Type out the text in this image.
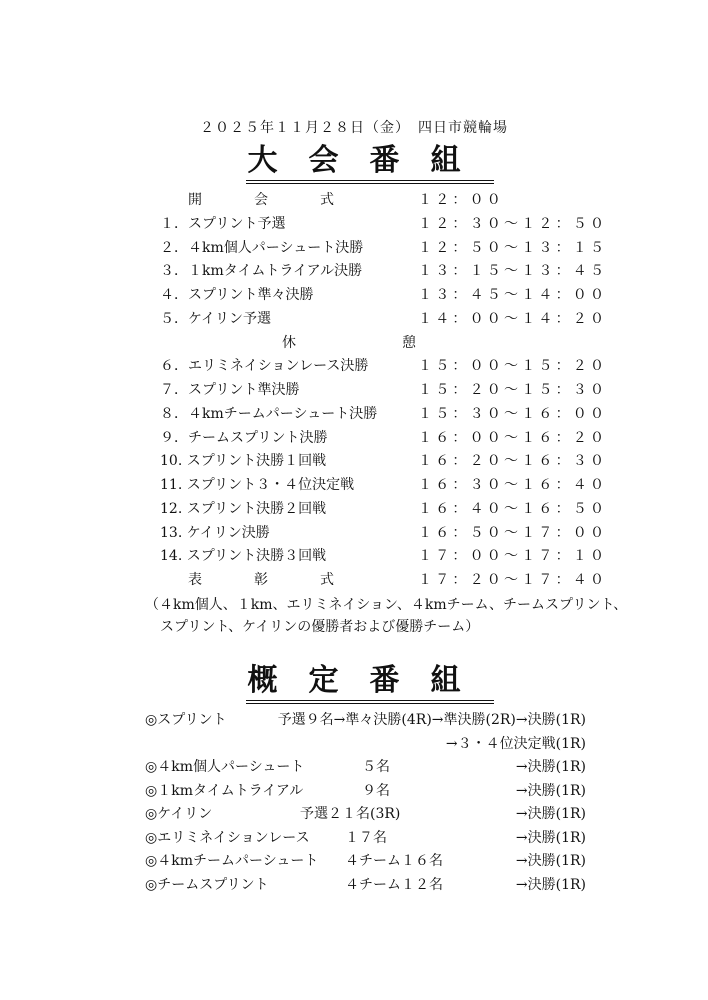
２０２５年１１月２８日（金）　四日市競輪場
大会番組
開　　会　　式	１２：００
１．スプリント予選	１２：３０〜１２：５０
２．４km個人パーシュート決勝	１２：５０〜１３：１５
３．１kmタイムトライアル決勝	１３：１５〜１３：４５
４．スプリント準々決勝	１３：４５〜１４：００
５．ケイリン予選	１４：００〜１４：２０
休　　　　憩
６．エリミネイションレース決勝	１５：００〜１５：２０
７．スプリント準決勝	１５：２０〜１５：３０
８．４kmチームパーシュート決勝	１５：３０〜１６：００
９．チームスプリント決勝	１６：００〜１６：２０
10. スプリント決勝１回戦	１６：２０〜１６：３０
11. スプリント３・４位決定戦	１６：３０〜１６：４０
12. スプリント決勝２回戦	１６：４０〜１６：５０
13. ケイリン決勝	１６：５０〜１７：００
14. スプリント決勝３回戦	１７：００〜１７：１０
表　　彰　　式	１７：２０〜１７：４０
（４km個人、１km、エリミネイション、４kmチーム、チームスプリント、
スプリント、ケイリンの優勝者および優勝チーム）
概定番組
◎スプリント	予選９名→準々決勝(4R)→準決勝(2R)→決勝(1R)
→３・４位決定戦(1R)
◎４km個人パーシュート	５名	→決勝(1R)
◎１kmタイムトライアル	９名	→決勝(1R)
◎ケイリン	予選２１名(3R)	→決勝(1R)
◎エリミネイションレース	１７名	→決勝(1R)
◎４kmチームパーシュート ４チーム１６名	→決勝(1R)
◎チームスプリント	４チーム１２名	→決勝(1R)
